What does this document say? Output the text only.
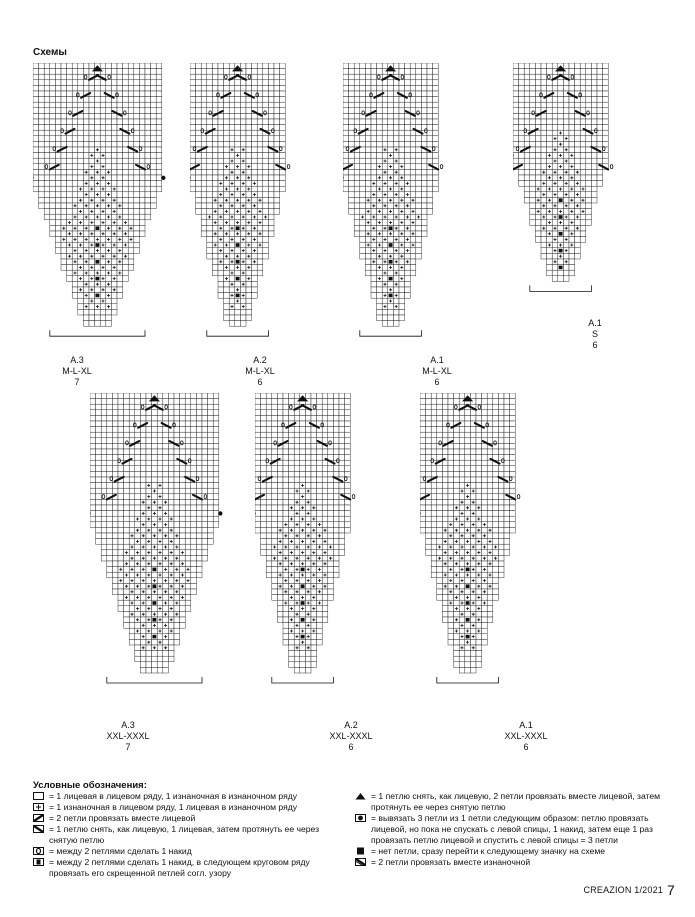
Схемы
A.3
M-L-XL
7
A.2
M-L-XL
6
A.1
M-L-XL
6
A.1
S
6
A.3
XXL-XXXL
7
A.2
XXL-XXXL
6
A.1
XXL-XXXL
6
Условные обозначения:
= 1 лицевая в лицевом ряду, 1 изнаночная в изнаночном ряду
= 1 изнаночная в лицевом ряду, 1 лицевая в изнаночном ряду
= 2 петли провязать вместе лицевой
= 1 петлю снять, как лицевую, 1 лицевая, затем протянуть ее через снятую петлю
= между 2 петлями сделать 1 накид
= между 2 петлями сделать 1 накид, в следующем круговом ряду провязать его скрещенной петлей согл. узору
= 1 петлю снять, как лицевую, 2 петли провязать вместе лицевой, затем протянуть ее через снятую петлю
= вывязать 3 петли из 1 петли следующим образом: петлю провязать лицевой, но пока не спускать с левой спицы, 1 накид, затем еще 1 раз провязать петлю лицевой и спустить с левой спицы = 3 петли
= нет петли, сразу перейти к следующему значку на схеме
= 2 петли провязать вместе изнаночной
CREAZION 1/2021 7
